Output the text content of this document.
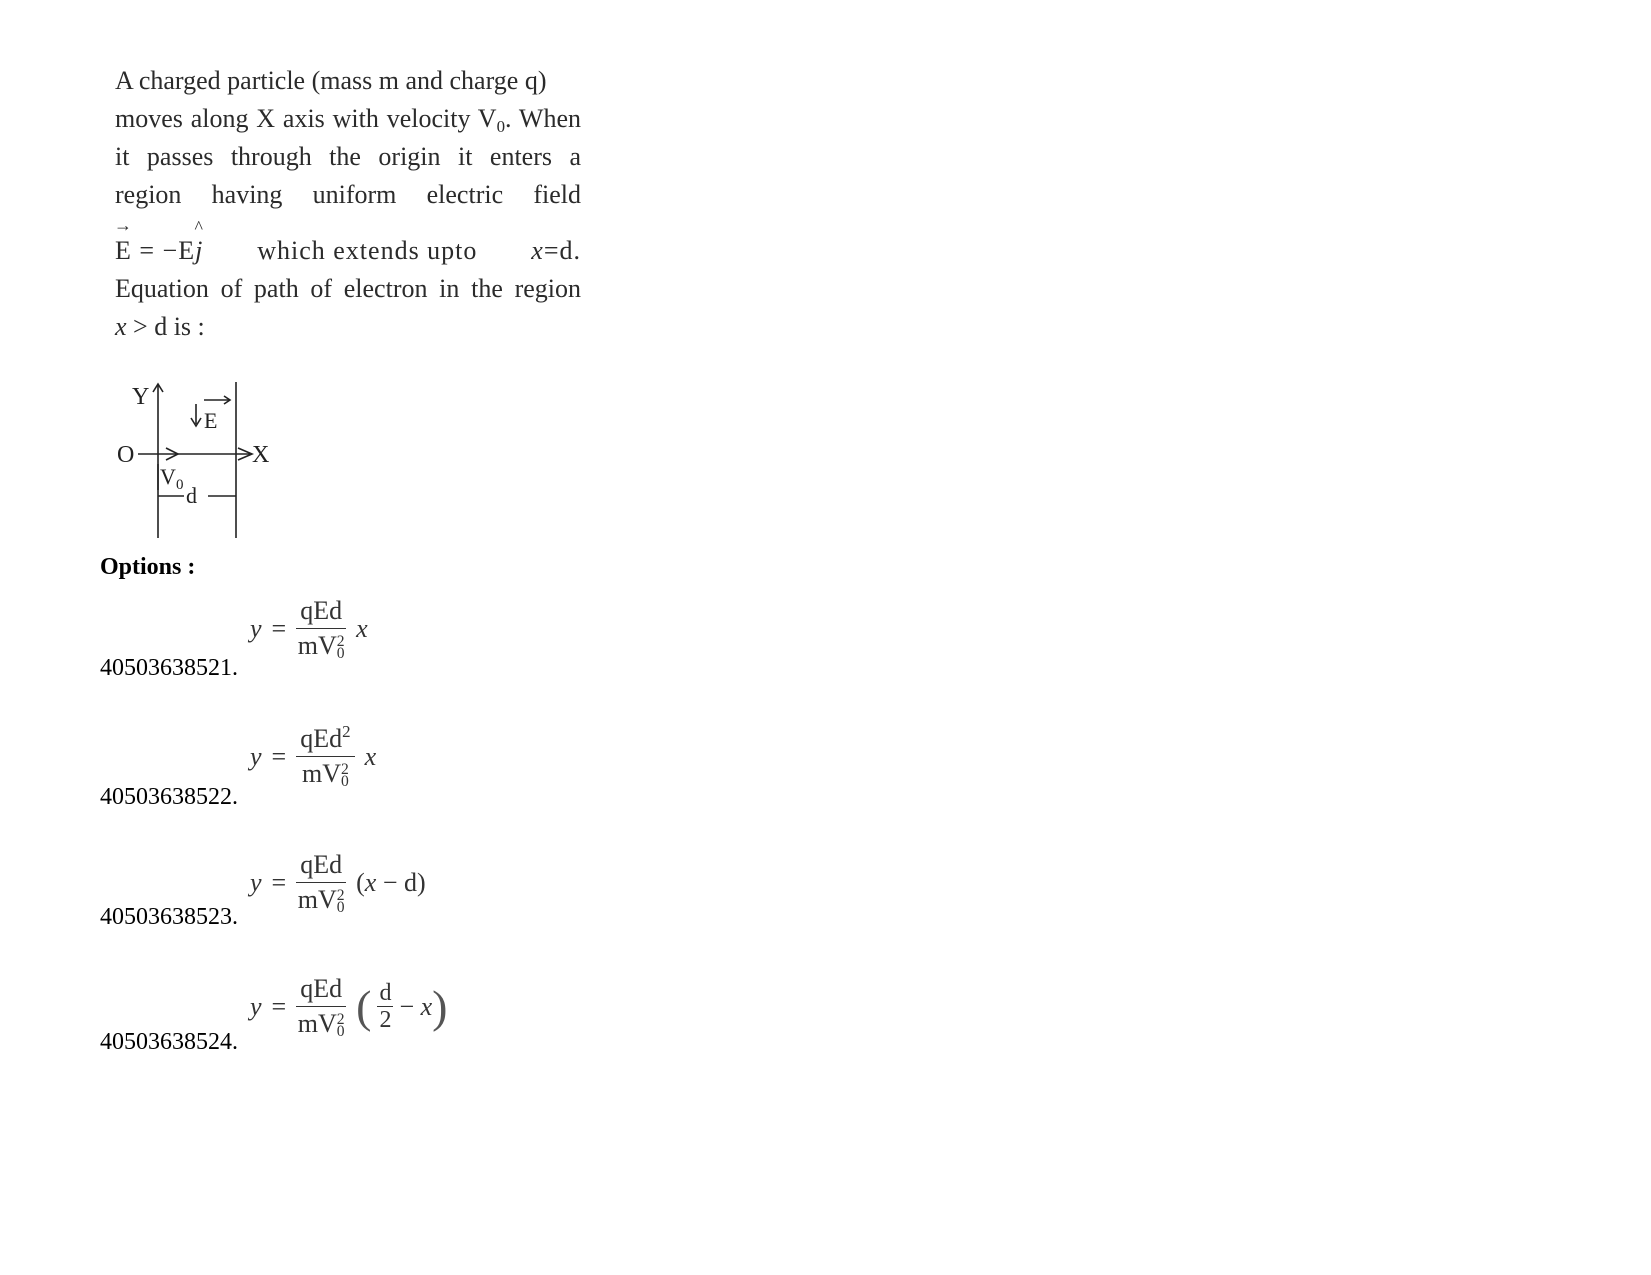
A charged particle (mass m and charge q)
moves along X axis with velocity $V_0$. When
it passes through the origin it enters a
region having uniform electric field
→
E = −E
^
j which extends upto x=d.
Equation of path of electron in the region
x > d is :
Y
X
O
E
V 0 d
Options :
y = qEd
mV 2
0 x
40503638521.
y = qEd$^2$
mV 2
0 x
40503638522.
y = qEd
mV 2
0 (x − d)
40503638523.
y = qEd
mV 2
0 ( $\frac{d}{2} - x$ )
40503638524.
